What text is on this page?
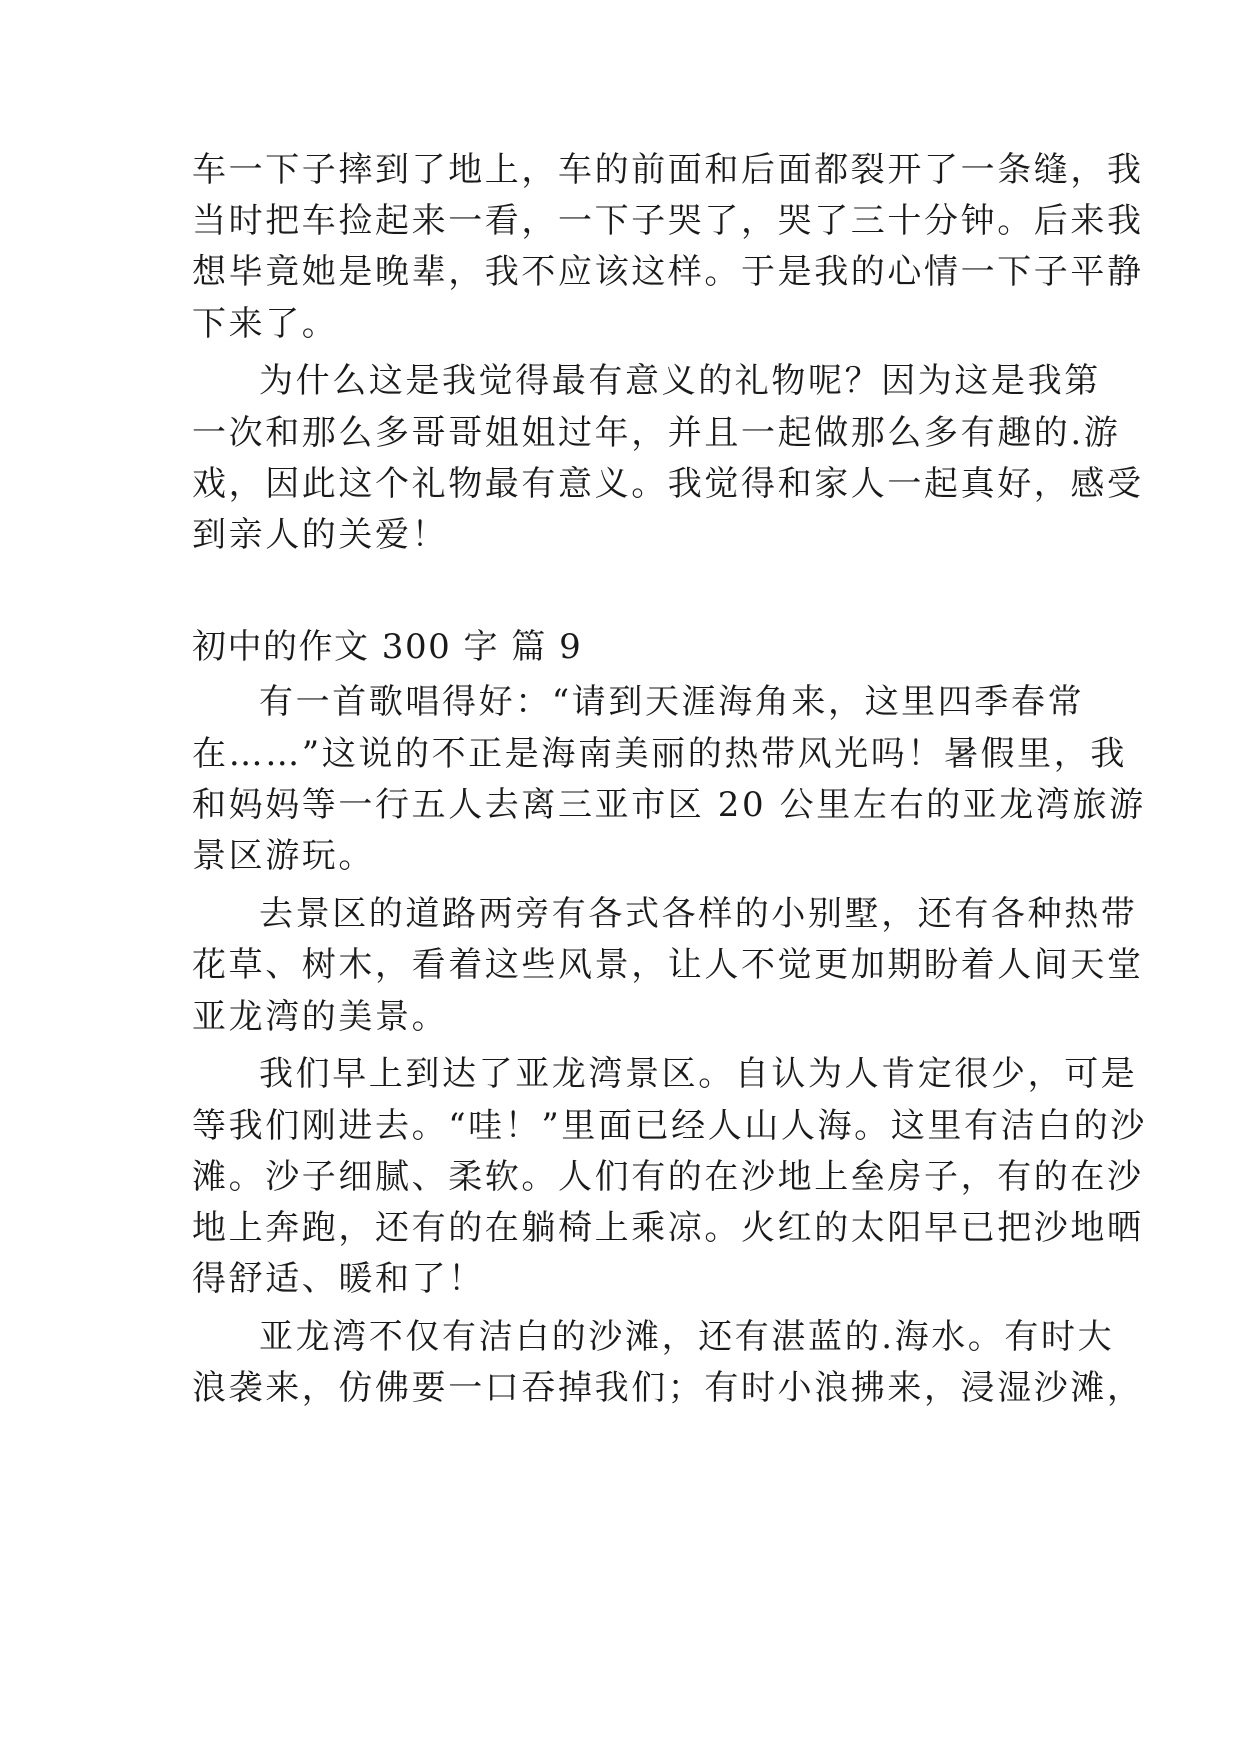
车一下子摔到了地上，车的前面和后面都裂开了一条缝，我
当时把车捡起来一看，一下子哭了，哭了三十分钟。后来我
想毕竟她是晚辈，我不应该这样。于是我的心情一下子平静
下来了。
为什么这是我觉得最有意义的礼物呢？因为这是我第
一次和那么多哥哥姐姐过年，并且一起做那么多有趣的.游
戏，因此这个礼物最有意义。我觉得和家人一起真好，感受
到亲人的关爱！
初中的作文 300 字 篇 9
有一首歌唱得好：“请到天涯海角来，这里四季春常
在……”这说的不正是海南美丽的热带风光吗！暑假里，我
和妈妈等一行五人去离三亚市区 20 公里左右的亚龙湾旅游
景区游玩。
去景区的道路两旁有各式各样的小别墅，还有各种热带
花草、树木，看着这些风景，让人不觉更加期盼着人间天堂
亚龙湾的美景。
我们早上到达了亚龙湾景区。自认为人肯定很少，可是
等我们刚进去。“哇！”里面已经人山人海。这里有洁白的沙
滩。沙子细腻、柔软。人们有的在沙地上垒房子，有的在沙
地上奔跑，还有的在躺椅上乘凉。火红的太阳早已把沙地晒
得舒适、暖和了！
亚龙湾不仅有洁白的沙滩，还有湛蓝的.海水。有时大
浪袭来，仿佛要一口吞掉我们；有时小浪拂来，浸湿沙滩，
